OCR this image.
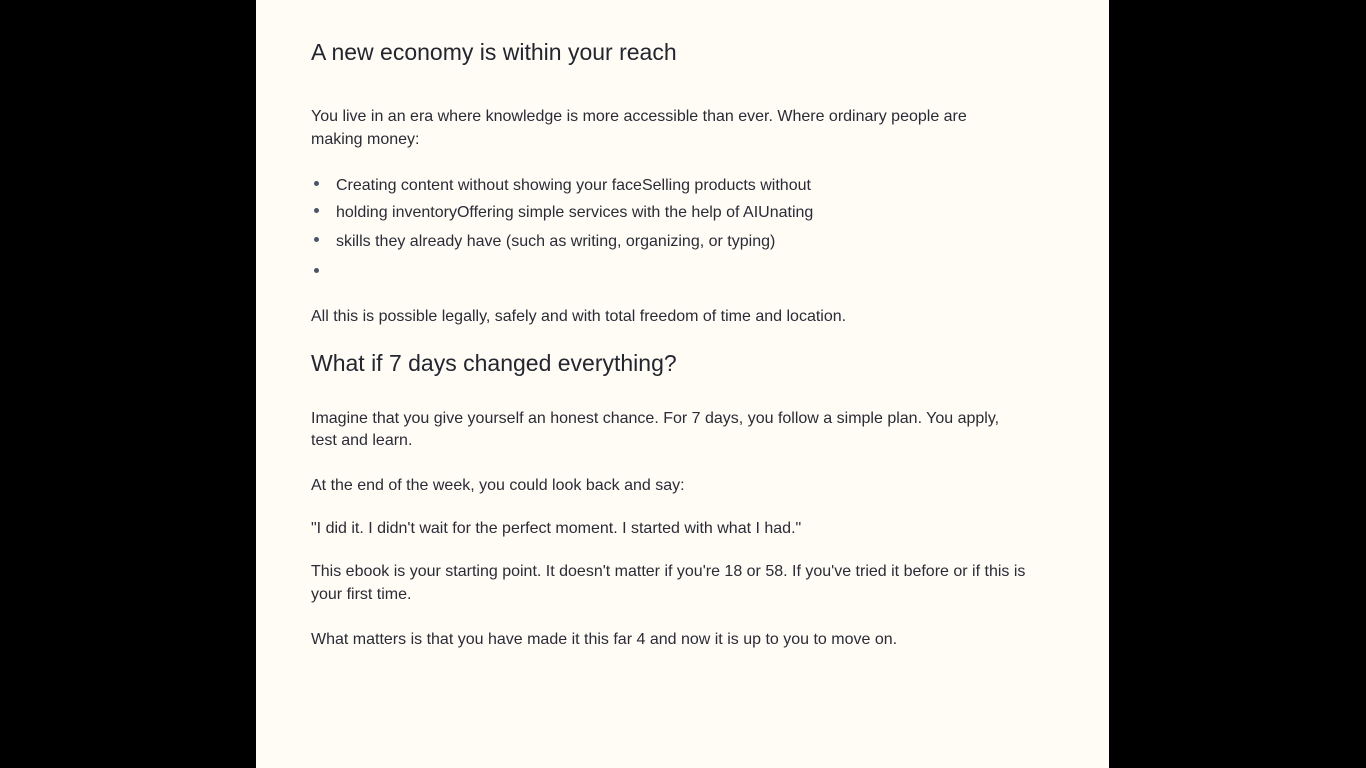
A new economy is within your reach

You live in an era where knowledge is more accessible than ever. Where ordinary people are making money:

Creating content without showing your faceSelling products without
holding inventoryOffering simple services with the help of AIUnating
skills they already have (such as writing, organizing, or typing)

All this is possible legally, safely and with total freedom of time and location.

What if 7 days changed everything?

Imagine that you give yourself an honest chance. For 7 days, you follow a simple plan. You apply, test and learn.

At the end of the week, you could look back and say:

"I did it. I didn't wait for the perfect moment. I started with what I had."

This ebook is your starting point. It doesn't matter if you're 18 or 58. If you've tried it before or if this is your first time.

What matters is that you have made it this far 4 and now it is up to you to move on.
